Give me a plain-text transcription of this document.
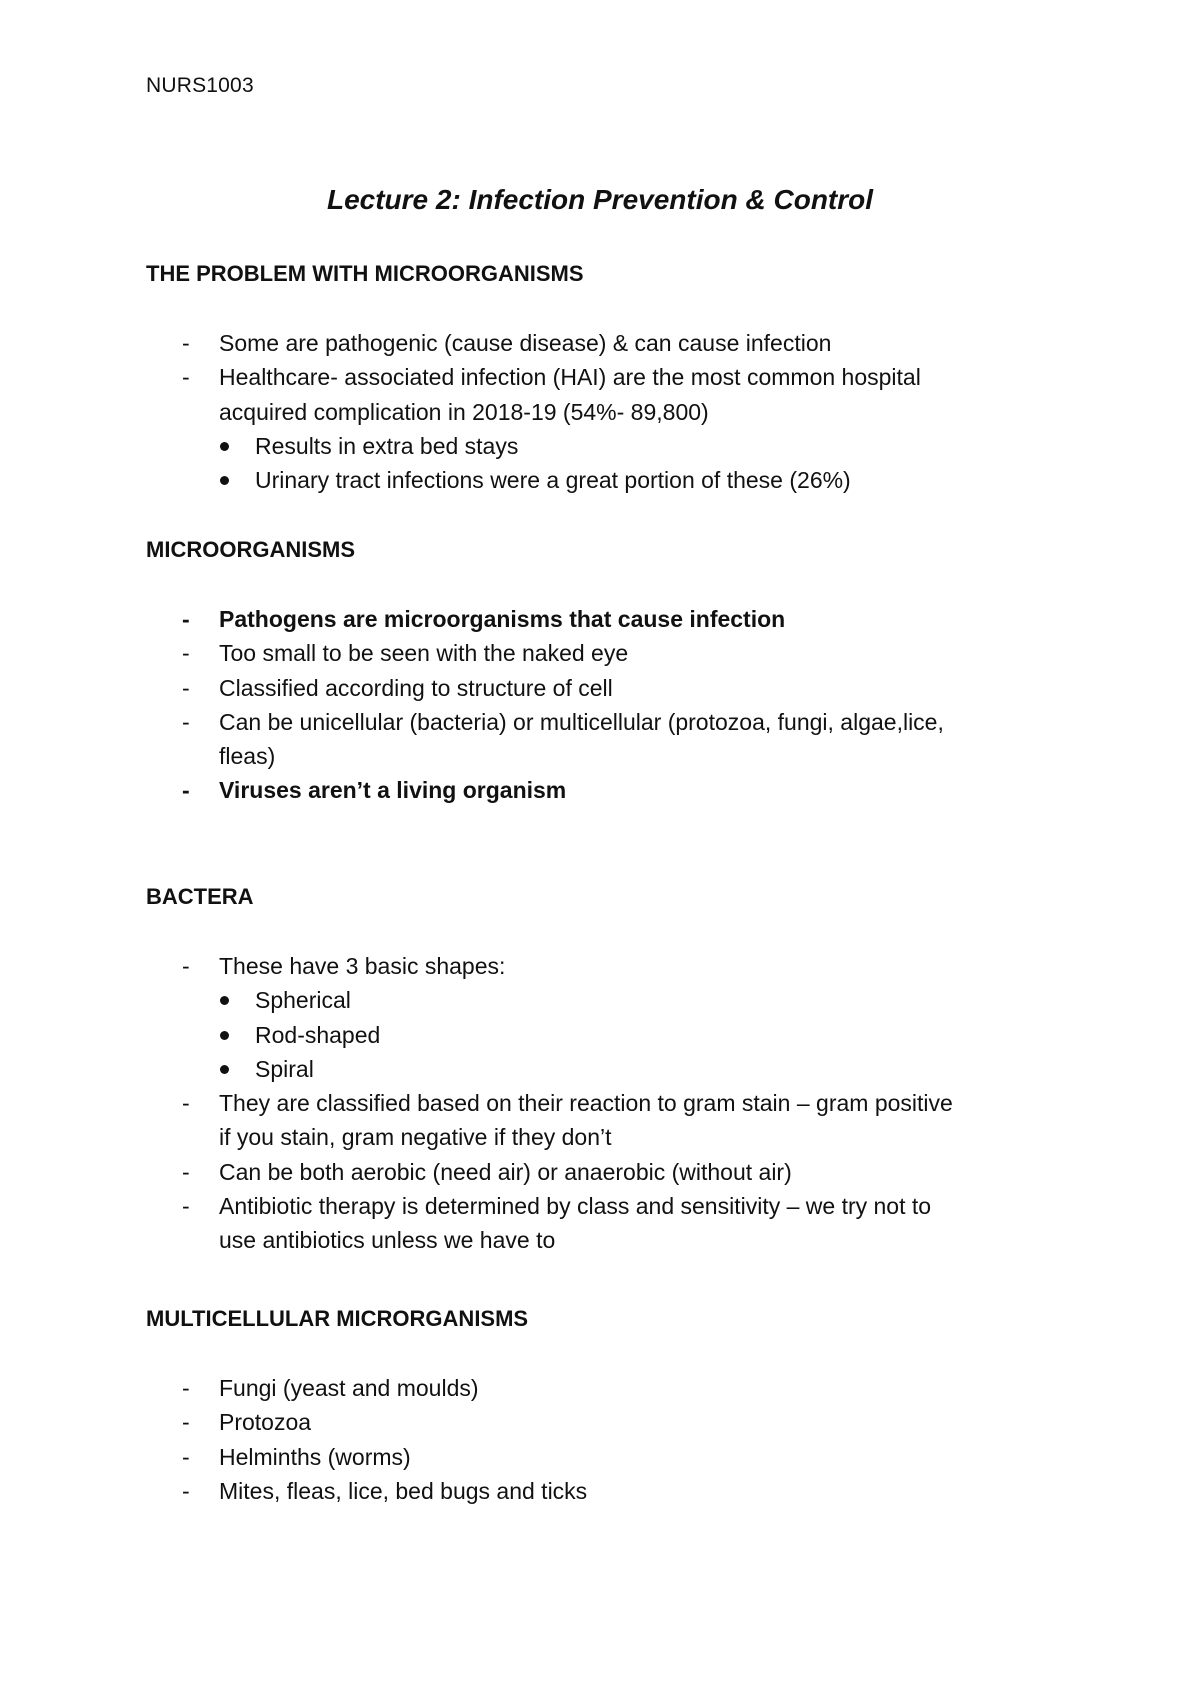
NURS1003
Lecture 2: Infection Prevention & Control
THE PROBLEM WITH MICROORGANISMS
- Some are pathogenic (cause disease) & can cause infection
- Healthcare- associated infection (HAI) are the most common hospital
acquired complication in 2018-19 (54%- 89,800)
Results in extra bed stays
Urinary tract infections were a great portion of these (26%)
MICROORGANISMS
- Pathogens are microorganisms that cause infection
- Too small to be seen with the naked eye
- Classified according to structure of cell
- Can be unicellular (bacteria) or multicellular (protozoa, fungi, algae,lice,
fleas)
- Viruses aren’t a living organism
BACTERA
- These have 3 basic shapes:
Spherical
Rod-shaped
Spiral
- They are classified based on their reaction to gram stain – gram positive
if you stain, gram negative if they don’t
- Can be both aerobic (need air) or anaerobic (without air)
- Antibiotic therapy is determined by class and sensitivity – we try not to
use antibiotics unless we have to
MULTICELLULAR MICRORGANISMS
- Fungi (yeast and moulds)
- Protozoa
- Helminths (worms)
- Mites, fleas, lice, bed bugs and ticks
